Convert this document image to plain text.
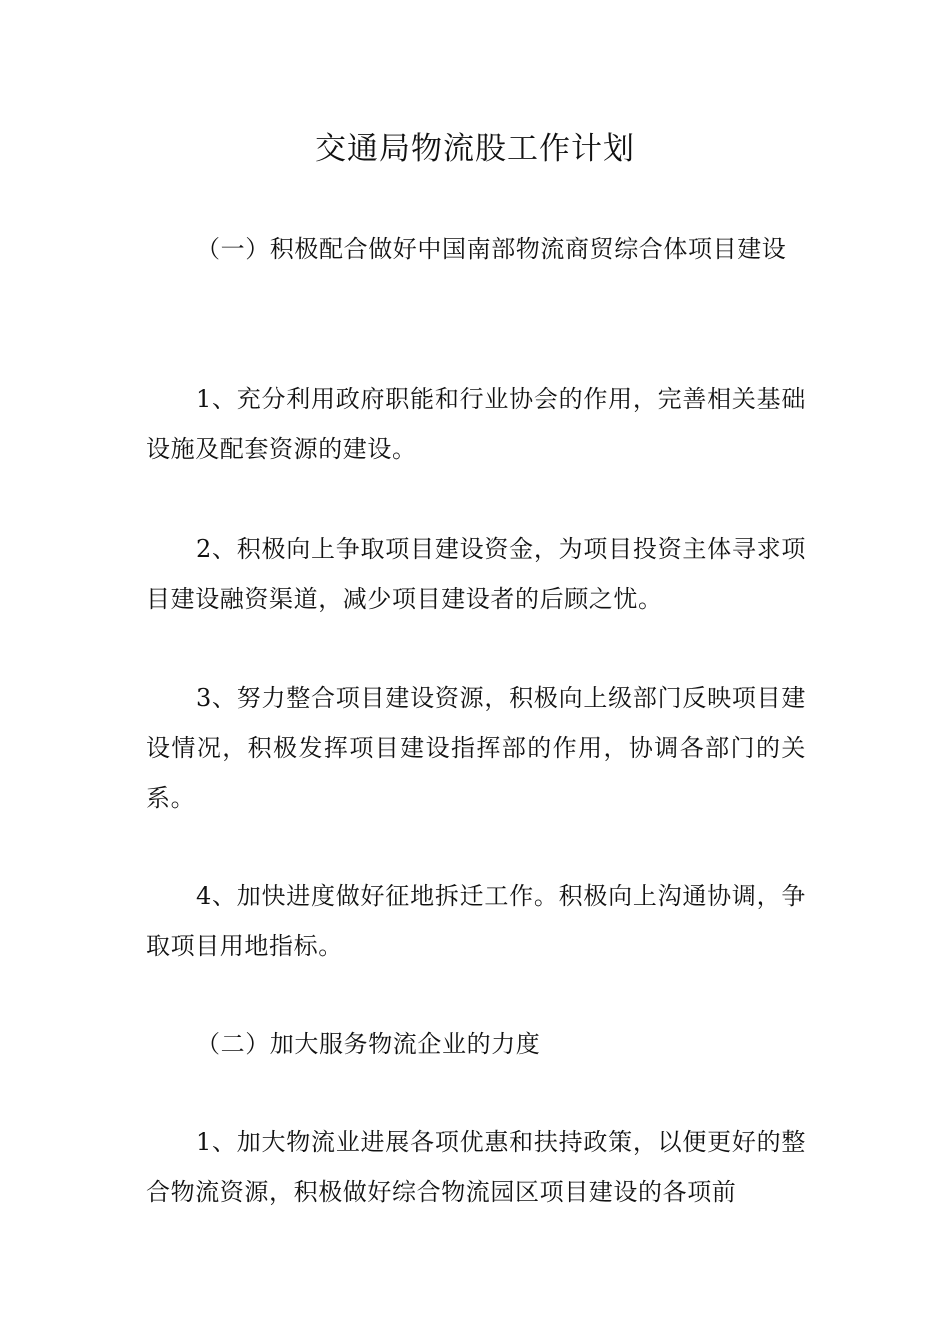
交通局物流股工作计划
（一）积极配合做好中国南部物流商贸综合体项目建设
1、充分利用政府职能和行业协会的作用，完善相关基础设施及配套资源的建设。
2、积极向上争取项目建设资金，为项目投资主体寻求项目建设融资渠道，减少项目建设者的后顾之忧。
3、努力整合项目建设资源，积极向上级部门反映项目建设情况，积极发挥项目建设指挥部的作用，协调各部门的关系。
4、加快进度做好征地拆迁工作。积极向上沟通协调，争取项目用地指标。
（二）加大服务物流企业的力度
1、加大物流业进展各项优惠和扶持政策，以便更好的整合物流资源，积极做好综合物流园区项目建设的各项前
